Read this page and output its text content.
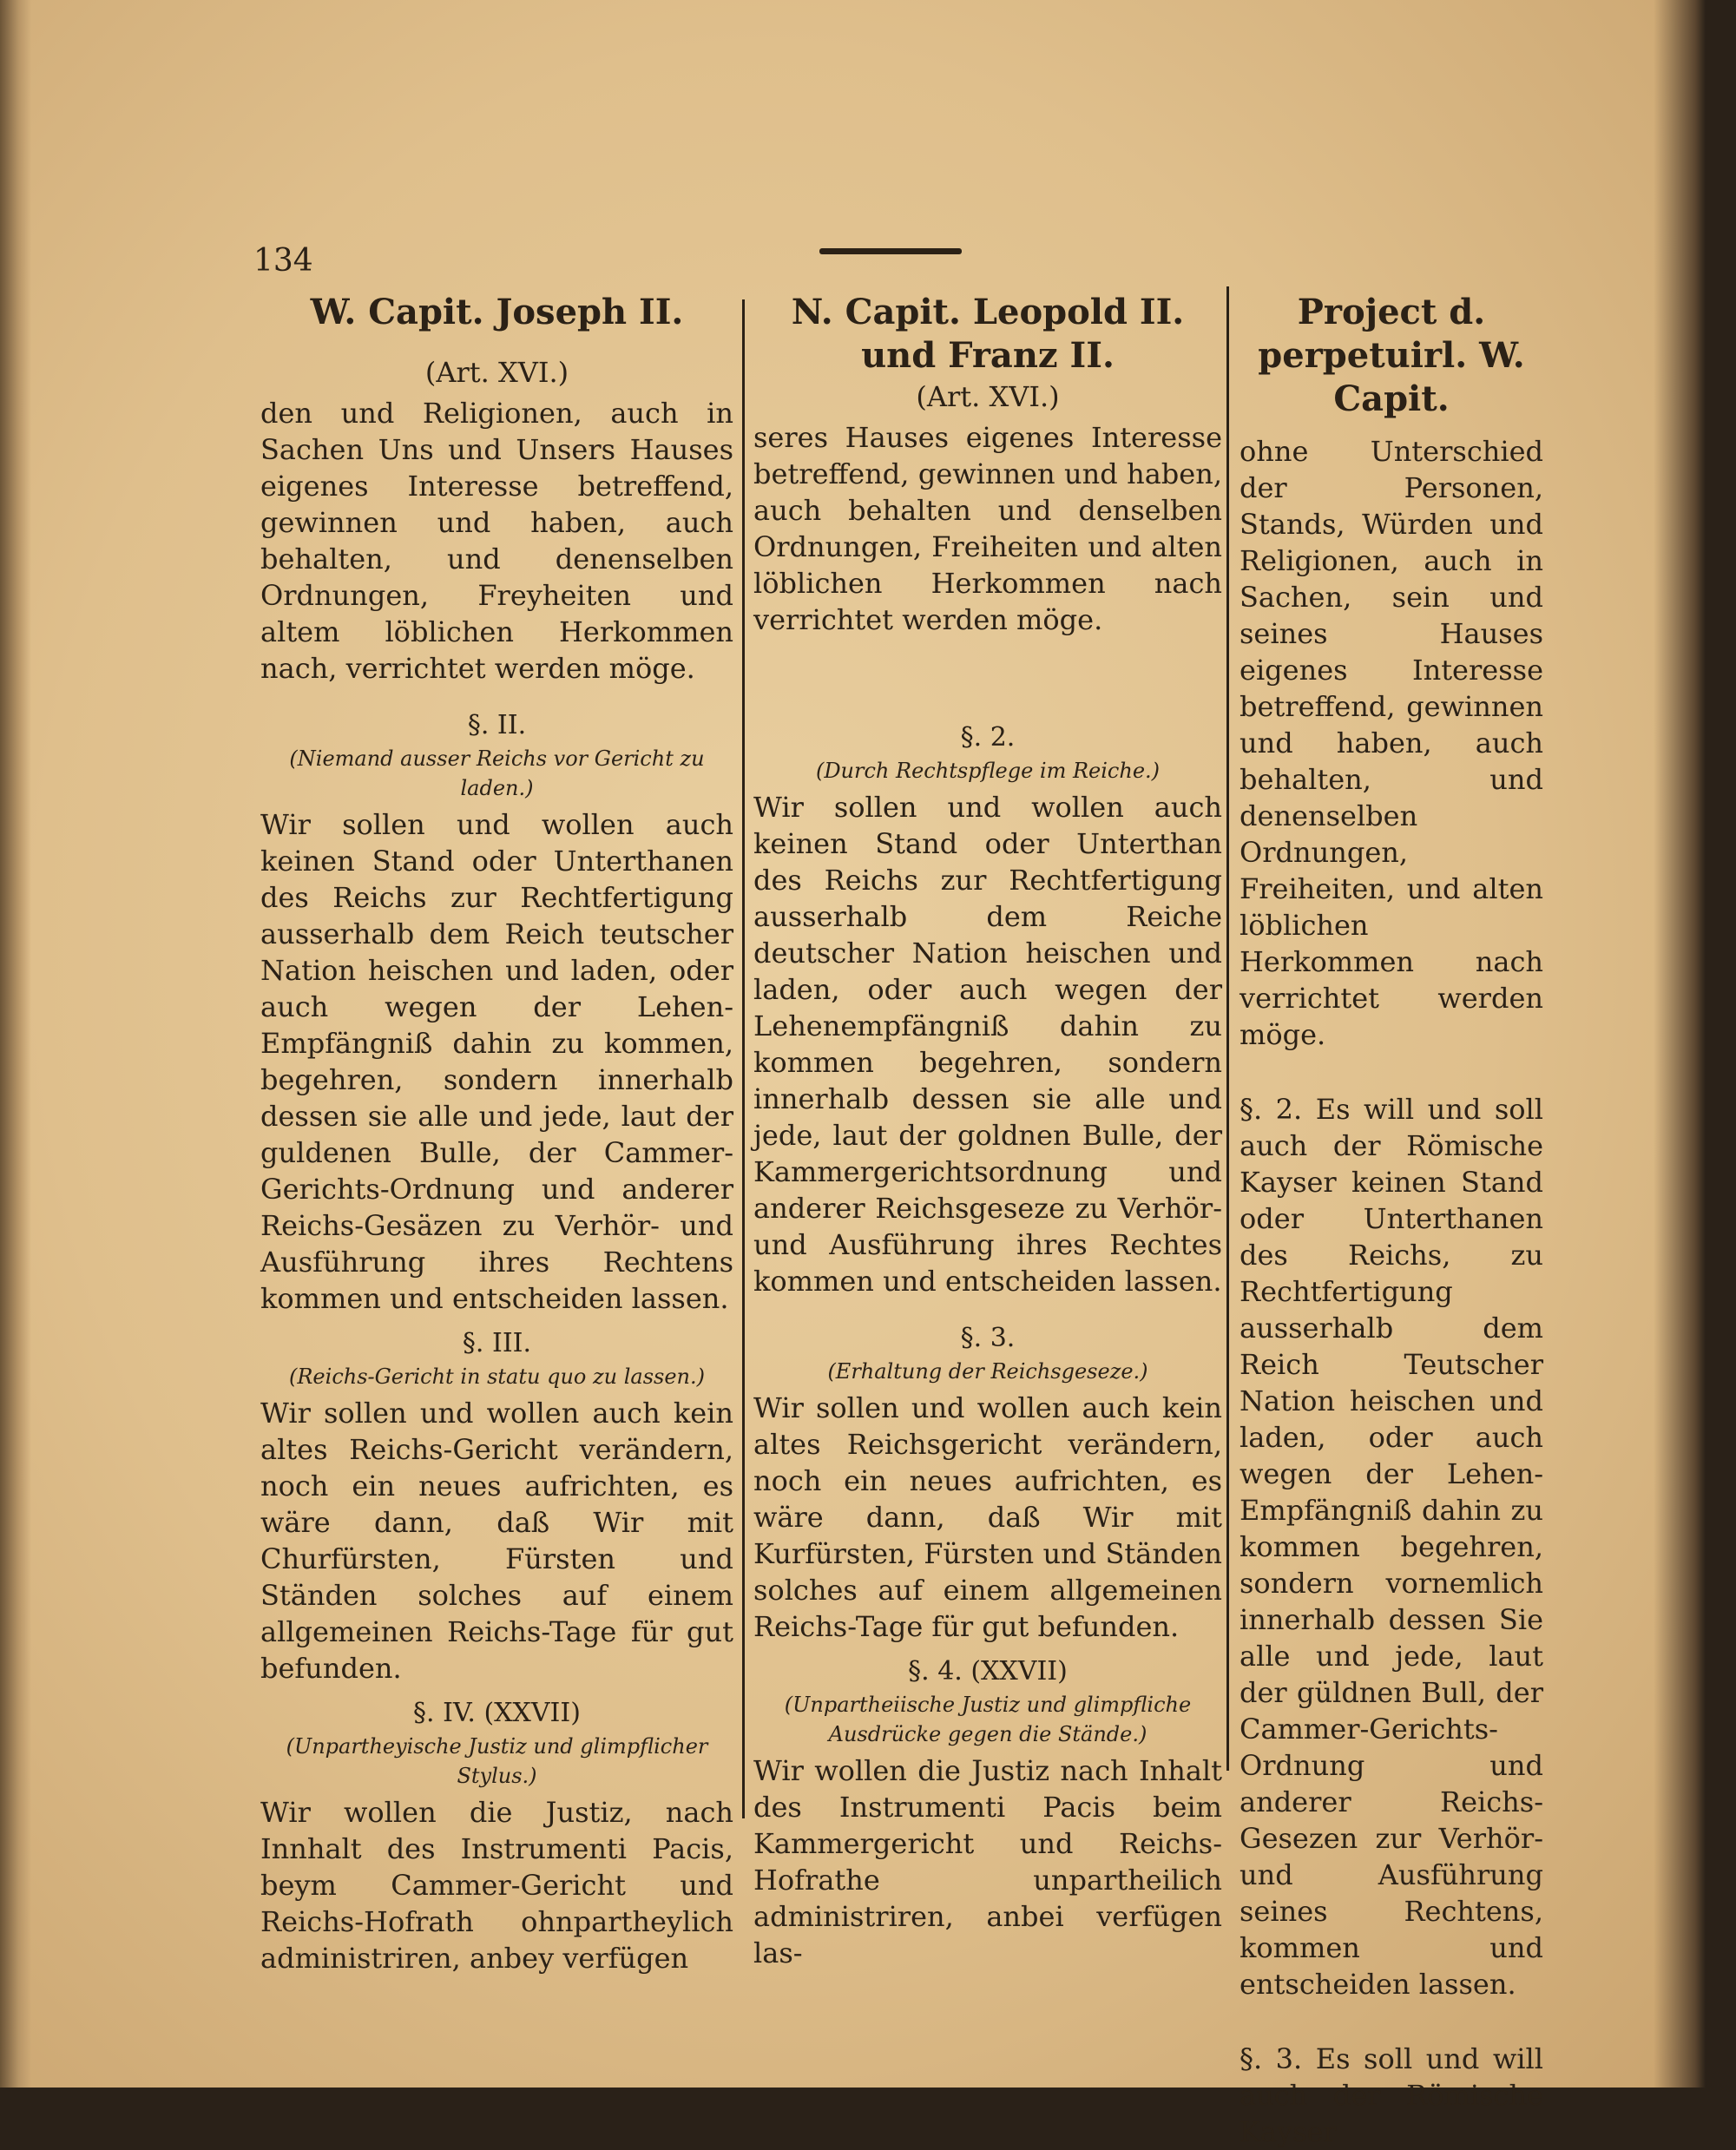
134

W. Capit. Joseph II.

(Art. XVI.)

den und Religionen, auch in Sachen Uns und Unsers Hauses eigenes Interesse betreffend, gewinnen und haben, auch behalten, und denenselben Ordnungen, Freyheiten und altem löblichen Herkommen nach, verrichtet werden möge.

§. II.

(Niemand ausser Reichs vor Gericht zu laden.)

Wir sollen und wollen auch keinen Stand oder Unterthanen des Reichs zur Rechtfertigung ausserhalb dem Reich teutscher Nation heischen und laden, oder auch wegen der Lehen-Empfängniß dahin zu kommen, begehren, sondern innerhalb dessen sie alle und jede, laut der guldenen Bulle, der Cammer-Gerichts-Ordnung und anderer Reichs-Gesäzen zu Verhör- und Ausführung ihres Rechtens kommen und entscheiden lassen.

§. III.

(Reichs-Gericht in statu quo zu lassen.)

Wir sollen und wollen auch kein altes Reichs-Gericht verändern, noch ein neues aufrichten, es wäre dann, daß Wir mit Churfürsten, Fürsten und Ständen solches auf einem allgemeinen Reichs-Tage für gut befunden.

§. IV. (XXVII)

(Unpartheyische Justiz und glimpflicher Stylus.)

Wir wollen die Justiz, nach Innhalt des Instrumenti Pacis, beym Cammer-Gericht und Reichs-Hofrath ohnpartheylich administriren, anbey verfügen

N. Capit. Leopold II. und Franz II.

(Art. XVI.)

seres Hauses eigenes Interesse betreffend, gewinnen und haben, auch behalten und denselben Ordnungen, Freiheiten und alten löblichen Herkommen nach verrichtet werden möge.

§. 2.

(Durch Rechtspflege im Reiche.)

Wir sollen und wollen auch keinen Stand oder Unterthan des Reichs zur Rechtfertigung ausserhalb dem Reiche deutscher Nation heischen und laden, oder auch wegen der Lehenempfängniß dahin zu kommen begehren, sondern innerhalb dessen sie alle und jede, laut der goldnen Bulle, der Kammergerichtsordnung und anderer Reichsgeseze zu Verhör- und Ausführung ihres Rechtes kommen und entscheiden lassen.

§. 3.

(Erhaltung der Reichsgeseze.)

Wir sollen und wollen auch kein altes Reichsgericht verändern, noch ein neues aufrichten, es wäre dann, daß Wir mit Kurfürsten, Fürsten und Ständen solches auf einem allgemeinen Reichs-Tage für gut befunden.

§. 4. (XXVII)

(Unpartheiische Justiz und glimpfliche Ausdrücke gegen die Stände.)

Wir wollen die Justiz nach Inhalt des Instrumenti Pacis beim Kammergericht und Reichs-Hofrathe unpartheilich administriren, anbei verfügen las-

Project d. perpetuirl. W. Capit.

ohne Unterschied der Personen, Stands, Würden und Religionen, auch in Sachen, sein und seines Hauses eigenes Interesse betreffend, gewinnen und haben, auch behalten, und denenselben Ordnungen, Freiheiten, und alten löblichen Herkommen nach verrichtet werden möge.

§. 2. Es will und soll auch der Römische Kayser keinen Stand oder Unterthanen des Reichs, zu Rechtfertigung ausserhalb dem Reich Teutscher Nation heischen und laden, oder auch wegen der Lehen-Empfängniß dahin zu kommen begehren, sondern vornemlich innerhalb dessen Sie alle und jede, laut der güldnen Bull, der Cammer-Gerichts-Ordnung und anderer Reichs-Gesezen zur Verhör- und Ausführung seines Rechtens, kommen und entscheiden lassen.

§. 3. Es soll und will auch der Römische Kayser
